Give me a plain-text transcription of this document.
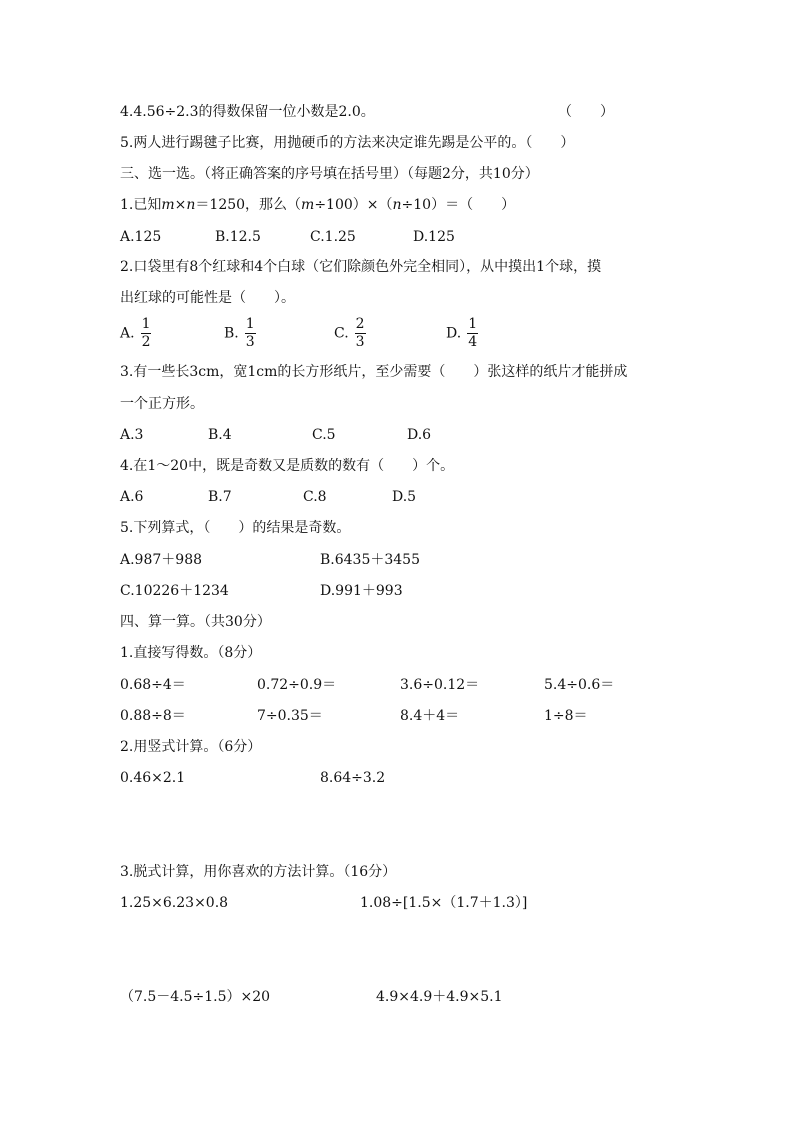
4.4.56÷2.3的得数保留一位小数是2.0。	（　　）
5.两人进行踢毽子比赛，用抛硬币的方法来决定谁先踢是公平的。（　　）
三、选一选。（将正确答案的序号填在括号里）（每题2分，共10分）
1.已知m×n＝1250，那么（m÷100）×（n÷10）＝（　　）
A.125	B.12.5	C.1.25	D.125
2.口袋里有8个红球和4个白球（它们除颜色外完全相同），从中摸出1个球，摸
出红球的可能性是（　　）。
A. $\frac{1}{2}$	B. $\frac{1}{3}$	C. $\frac{2}{3}$	D. $\frac{1}{4}$
3.有一些长3cm，宽1cm的长方形纸片，至少需要（　　）张这样的纸片才能拼成
一个正方形。
A.3	B.4	C.5	D.6
4.在1～20中，既是奇数又是质数的数有（　　）个。
A.6	B.7	C.8	D.5
5.下列算式，（　　）的结果是奇数。
A.987＋988	B.6435＋3455
C.10226＋1234	D.991＋993
四、算一算。（共30分）
1.直接写得数。（8分）
0.68÷4＝	0.72÷0.9＝	3.6÷0.12＝	5.4÷0.6＝
0.88÷8＝	7÷0.35＝	8.4＋4＝	1÷8＝
2.用竖式计算。（6分）
0.46×2.1	8.64÷3.2
3.脱式计算，用你喜欢的方法计算。（16分）
1.25×6.23×0.8	1.08÷[1.5×（1.7＋1.3）]
（7.5－4.5÷1.5）×20	4.9×4.9＋4.9×5.1
